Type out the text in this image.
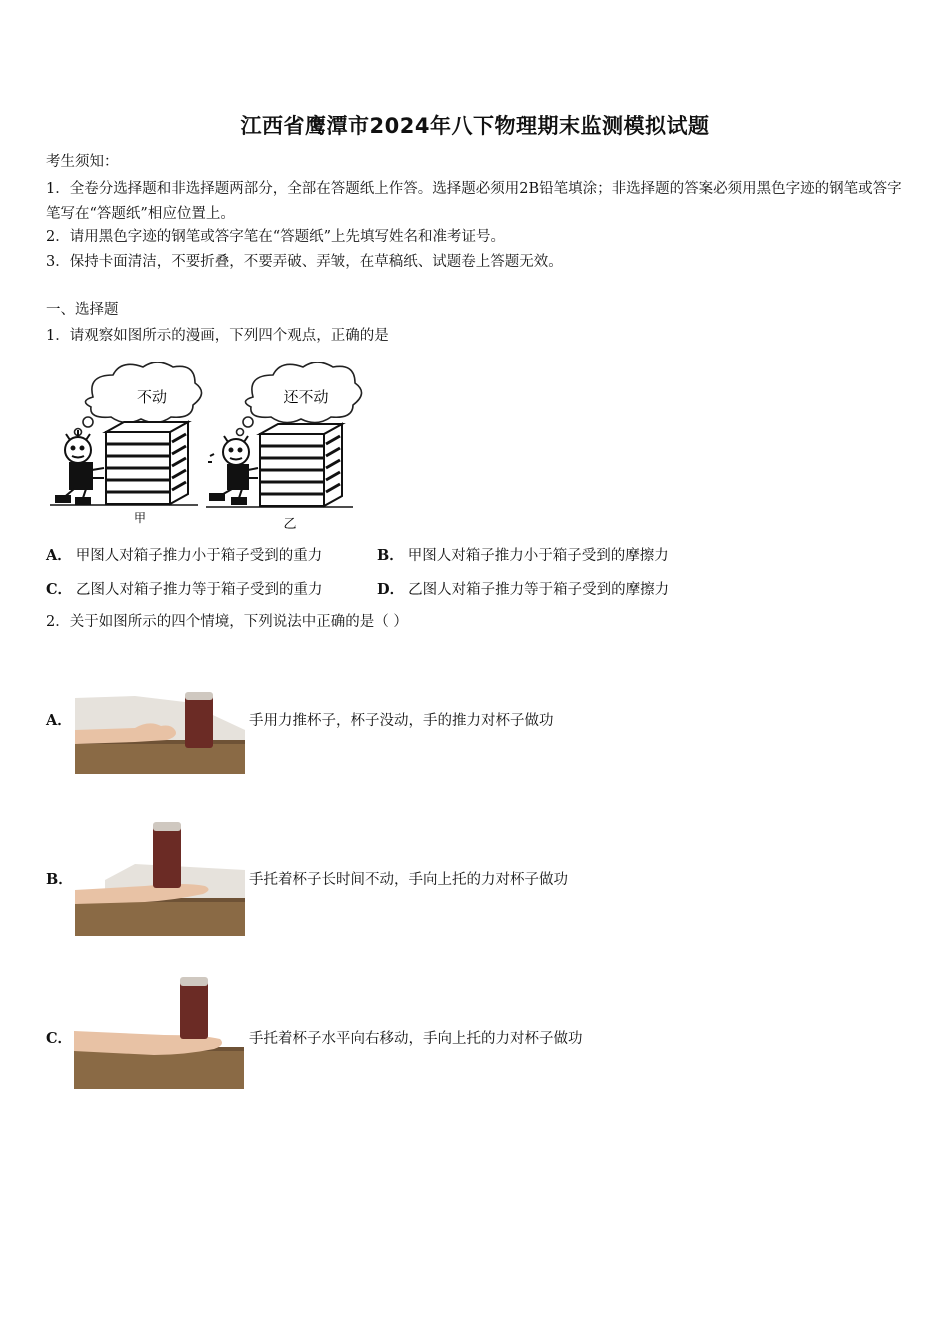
江西省鹰潭市2024年八下物理期末监测模拟试题
考生须知：
1．全卷分选择题和非选择题两部分，全部在答题纸上作答。选择题必须用2B铅笔填涂；非选择题的答案必须用黑色字迹的钢笔或答字笔写在“答题纸”相应位置上。
2．请用黑色字迹的钢笔或答字笔在“答题纸”上先填写姓名和准考证号。
3．保持卡面清洁，不要折叠，不要弄破、弄皱，在草稿纸、试题卷上答题无效。
一、选择题
1．请观察如图所示的漫画，下列四个观点，正确的是
不动	还不动
甲	乙
A． 甲图人对箱子推力小于箱子受到的重力	B． 甲图人对箱子推力小于箱子受到的摩擦力
C． 乙图人对箱子推力等于箱子受到的重力	D． 乙图人对箱子推力等于箱子受到的摩擦力
2．关于如图所示的四个情境，下列说法中正确的是（ ）
A．	手用力推杯子，杯子没动，手的推力对杯子做功
B．	手托着杯子长时间不动，手向上托的力对杯子做功
C．	手托着杯子水平向右移动，手向上托的力对杯子做功
